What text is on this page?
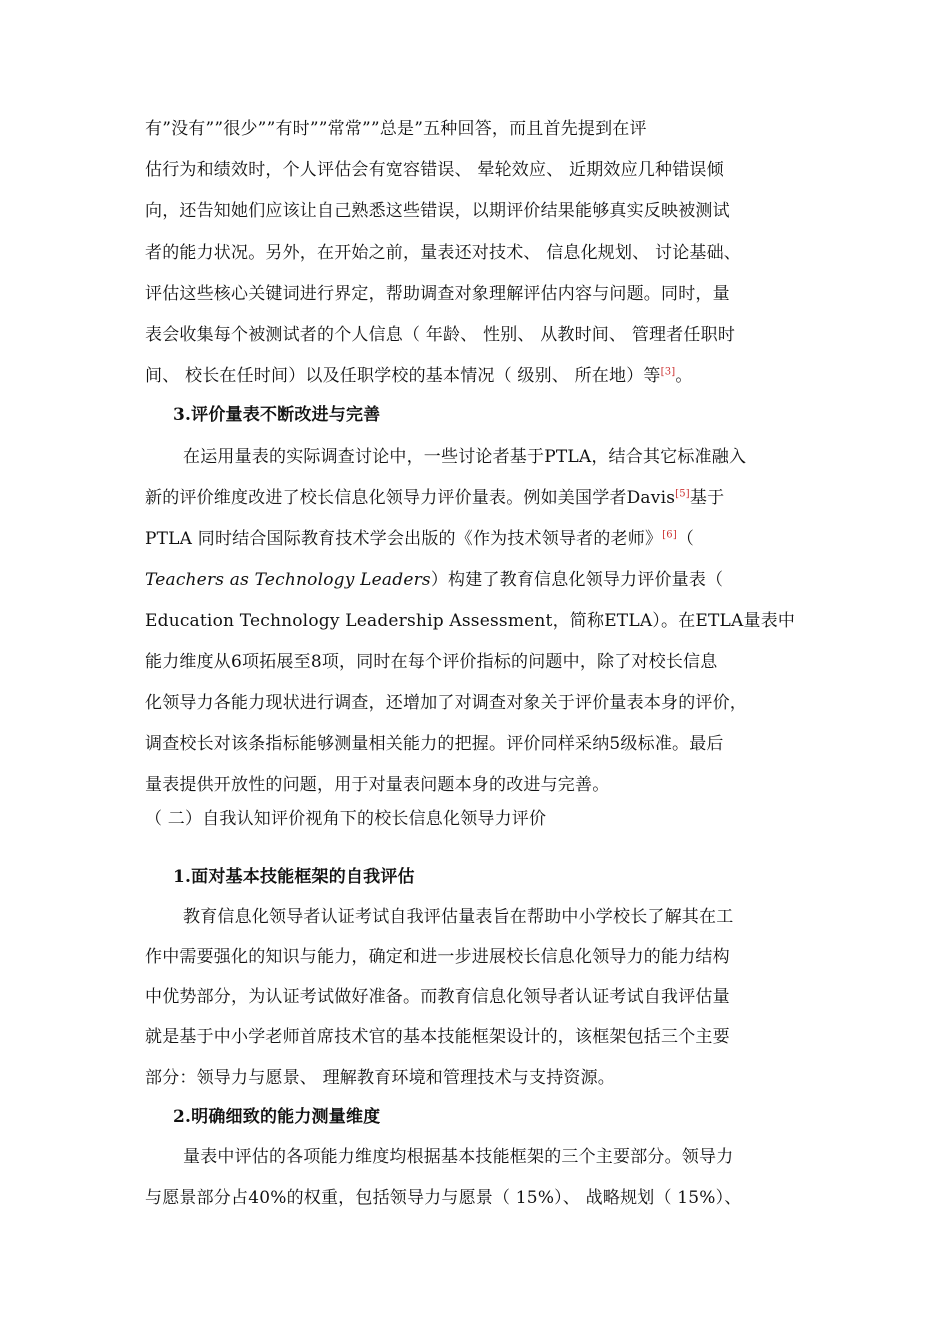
有”没有””很少””有时””常常””总是”五种回答，而且首先提到在评
估行为和绩效时，个人评估会有宽容错误、 晕轮效应、 近期效应几种错误倾
向，还告知她们应该让自己熟悉这些错误，以期评价结果能够真实反映被测试
者的能力状况。另外，在开始之前，量表还对技术、 信息化规划、 讨论基础、
评估这些核心关键词进行界定，帮助调查对象理解评估内容与问题。同时，量
表会收集每个被测试者的个人信息（ 年龄、 性别、 从教时间、 管理者任职时
间、 校长在任时间）以及任职学校的基本情况（ 级别、 所在地）等[3]。
3.评价量表不断改进与完善
在运用量表的实际调查讨论中，一些讨论者基于PTLA，结合其它标准融入
新的评价维度改进了校长信息化领导力评价量表。例如美国学者Davis[5]基于
PTLA 同时结合国际教育技术学会出版的《作为技术领导者的老师》[6]（
Teachers as Technology Leaders）构建了教育信息化领导力评价量表（
Education Technology Leadership Assessment，简称ETLA）。在ETLA量表中
能力维度从6项拓展至8项，同时在每个评价指标的问题中，除了对校长信息
化领导力各能力现状进行调查，还增加了对调查对象关于评价量表本身的评价，
调查校长对该条指标能够测量相关能力的把握。评价同样采纳5级标准。最后
量表提供开放性的问题，用于对量表问题本身的改进与完善。
（ 二）自我认知评价视角下的校长信息化领导力评价
1.面对基本技能框架的自我评估
教育信息化领导者认证考试自我评估量表旨在帮助中小学校长了解其在工
作中需要强化的知识与能力，确定和进一步进展校长信息化领导力的能力结构
中优势部分，为认证考试做好准备。而教育信息化领导者认证考试自我评估量
就是基于中小学老师首席技术官的基本技能框架设计的，该框架包括三个主要
部分：领导力与愿景、 理解教育环境和管理技术与支持资源。
2.明确细致的能力测量维度
量表中评估的各项能力维度均根据基本技能框架的三个主要部分。领导力
与愿景部分占40%的权重，包括领导力与愿景（ 15%）、 战略规划（ 15%）、
